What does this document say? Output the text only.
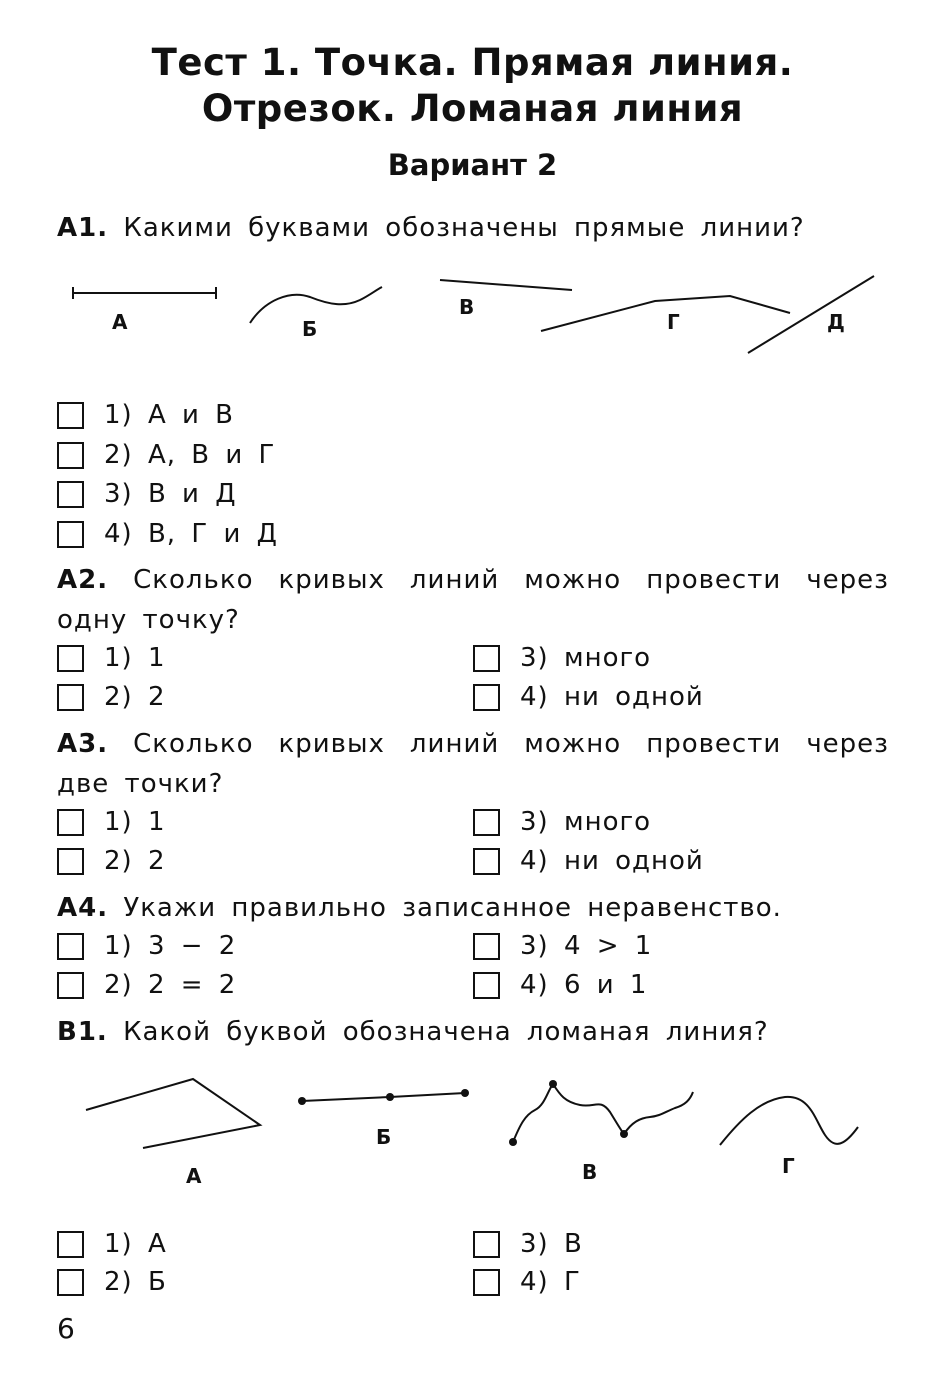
Тест 1. Точка. Прямая линия.
Отрезок. Ломаная линия
Вариант 2
А1. Какими буквами обозначены прямые линии?
А	Б
В
Г	Д
1) А и В
2) А, В и Г
3) В и Д
4) В, Г и Д
А2. Сколько кривых линий можно провести через одну точку?
1) 1
2) 2
3) много
4) ни одной
А3. Сколько кривых линий можно провести через две точки?
1) 1
2) 2
3) много
4) ни одной
А4. Укажи правильно записанное неравенство.
1) 3 − 2
2) 2 = 2
3) 4 > 1
4) 6 и 1
В1. Какой буквой обозначена ломаная линия?
А
Б
В	Г
1) А
2) Б
3) В
4) Г
6
